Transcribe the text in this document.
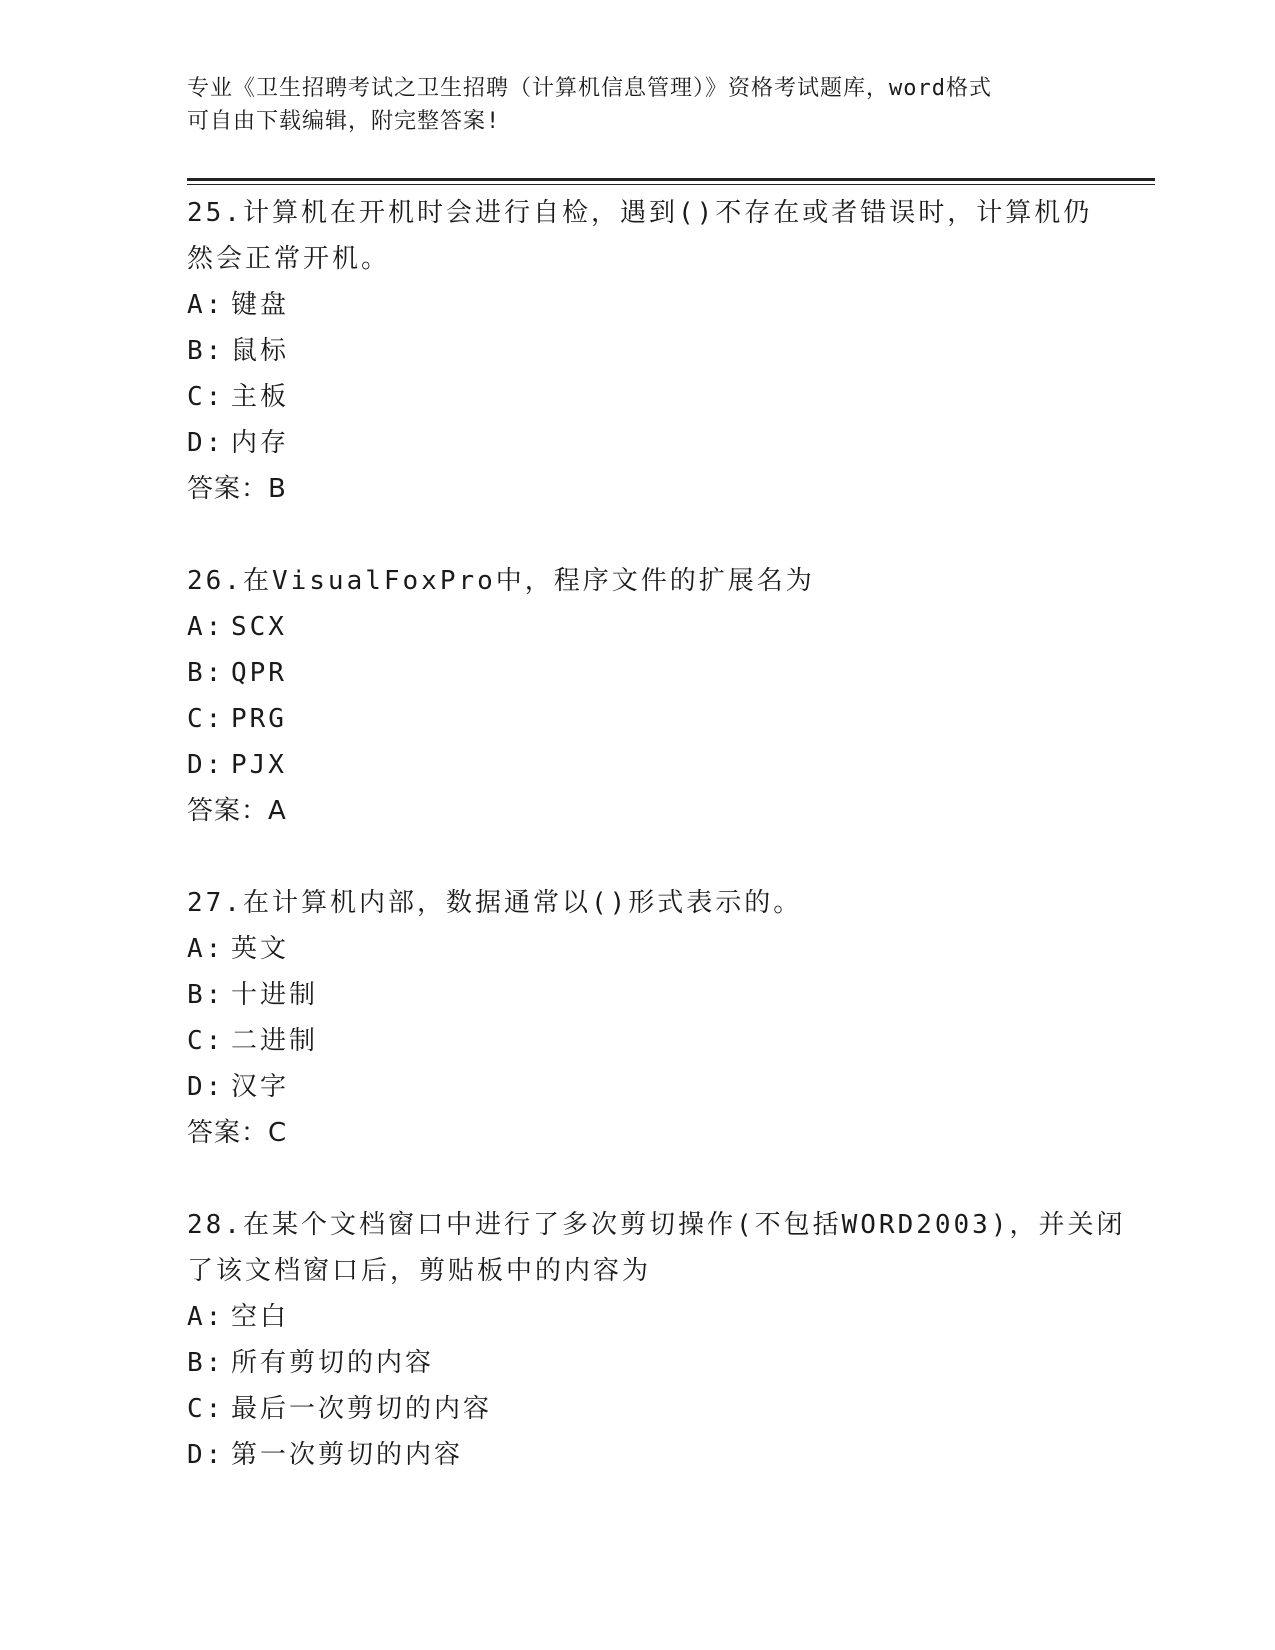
专业《卫生招聘考试之卫生招聘（计算机信息管理）》资格考试题库，word格式
可自由下载编辑，附完整答案!
25.计算机在开机时会进行自检，遇到()不存在或者错误时，计算机仍
然会正常开机。
A: 键盘
B: 鼠标
C: 主板
D: 内存
答案：B
26.在VisualFoxPro中，程序文件的扩展名为
A: SCX
B: QPR
C: PRG
D: PJX
答案：A
27.在计算机内部，数据通常以()形式表示的。
A: 英文
B: 十进制
C: 二进制
D: 汉字
答案：C
28.在某个文档窗口中进行了多次剪切操作(不包括WORD2003)，并关闭
了该文档窗口后，剪贴板中的内容为
A: 空白
B: 所有剪切的内容
C: 最后一次剪切的内容
D: 第一次剪切的内容
